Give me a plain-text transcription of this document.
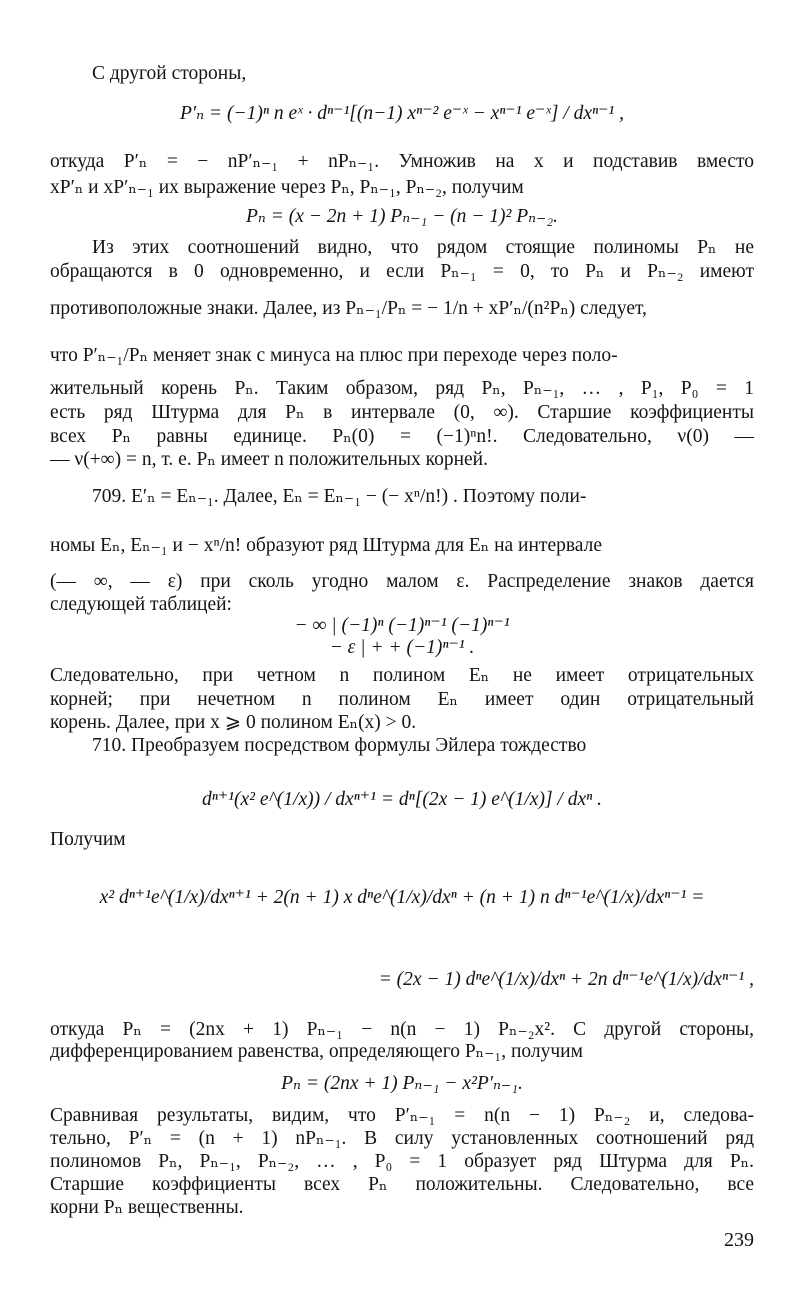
С другой стороны,
P′ₙ = (−1)ⁿ n eˣ · dⁿ⁻¹[(n−1) xⁿ⁻² e⁻ˣ − xⁿ⁻¹ e⁻ˣ] / dxⁿ⁻¹ ,
откуда P′ₙ = − nP′ₙ₋₁ + nPₙ₋₁. Умножив на x и подставив вместо
xP′ₙ и xP′ₙ₋₁ их выражение через Pₙ, Pₙ₋₁, Pₙ₋₂, получим
Pₙ = (x − 2n + 1) Pₙ₋₁ − (n − 1)² Pₙ₋₂.
Из этих соотношений видно, что рядом стоящие полиномы Pₙ не
обращаются в 0 одновременно, и если Pₙ₋₁ = 0, то Pₙ и Pₙ₋₂ имеют
противоположные знаки. Далее, из Pₙ₋₁/Pₙ = − 1/n + xP′ₙ/(n²Pₙ) следует,
что P′ₙ₋₁/Pₙ меняет знак с минуса на плюс при переходе через поло-
жительный корень Pₙ. Таким образом, ряд Pₙ, Pₙ₋₁, … , P₁, P₀ = 1
есть ряд Штурма для Pₙ в интервале (0, ∞). Старшие коэффициенты
всех Pₙ равны единице. Pₙ(0) = (−1)ⁿn!. Следовательно, ν(0) —
— ν(+∞) = n, т. е. Pₙ имеет n положительных корней.
709. E′ₙ = Eₙ₋₁. Далее, Eₙ = Eₙ₋₁ − (− xⁿ/n!) . Поэтому поли-
номы Eₙ, Eₙ₋₁ и − xⁿ/n! образуют ряд Штурма для Eₙ на интервале
(— ∞, — ε) при сколь угодно малом ε. Распределение знаков дается
следующей таблицей:
− ∞ | (−1)ⁿ (−1)ⁿ⁻¹ (−1)ⁿ⁻¹
− ε | + + (−1)ⁿ⁻¹ .
Следовательно, при четном n полином Eₙ не имеет отрицательных
корней; при нечетном n полином Eₙ имеет один отрицательный
корень. Далее, при x ⩾ 0 полином Eₙ(x) > 0.
710. Преобразуем посредством формулы Эйлера тождество
dⁿ⁺¹(x² e^(1/x)) / dxⁿ⁺¹ = dⁿ[(2x − 1) e^(1/x)] / dxⁿ .
Получим
x² dⁿ⁺¹e^(1/x)/dxⁿ⁺¹ + 2(n + 1) x dⁿe^(1/x)/dxⁿ + (n + 1) n dⁿ⁻¹e^(1/x)/dxⁿ⁻¹ =
= (2x − 1) dⁿe^(1/x)/dxⁿ + 2n dⁿ⁻¹e^(1/x)/dxⁿ⁻¹ ,
откуда Pₙ = (2nx + 1) Pₙ₋₁ − n(n − 1) Pₙ₋₂x². С другой стороны,
дифференцированием равенства, определяющего Pₙ₋₁, получим
Pₙ = (2nx + 1) Pₙ₋₁ − x²P′ₙ₋₁.
Сравнивая результаты, видим, что P′ₙ₋₁ = n(n − 1) Pₙ₋₂ и, следова-
тельно, P′ₙ = (n + 1) nPₙ₋₁. В силу установленных соотношений ряд
полиномов Pₙ, Pₙ₋₁, Pₙ₋₂, … , P₀ = 1 образует ряд Штурма для Pₙ.
Старшие коэффициенты всех Pₙ положительны. Следовательно, все
корни Pₙ вещественны.
239
